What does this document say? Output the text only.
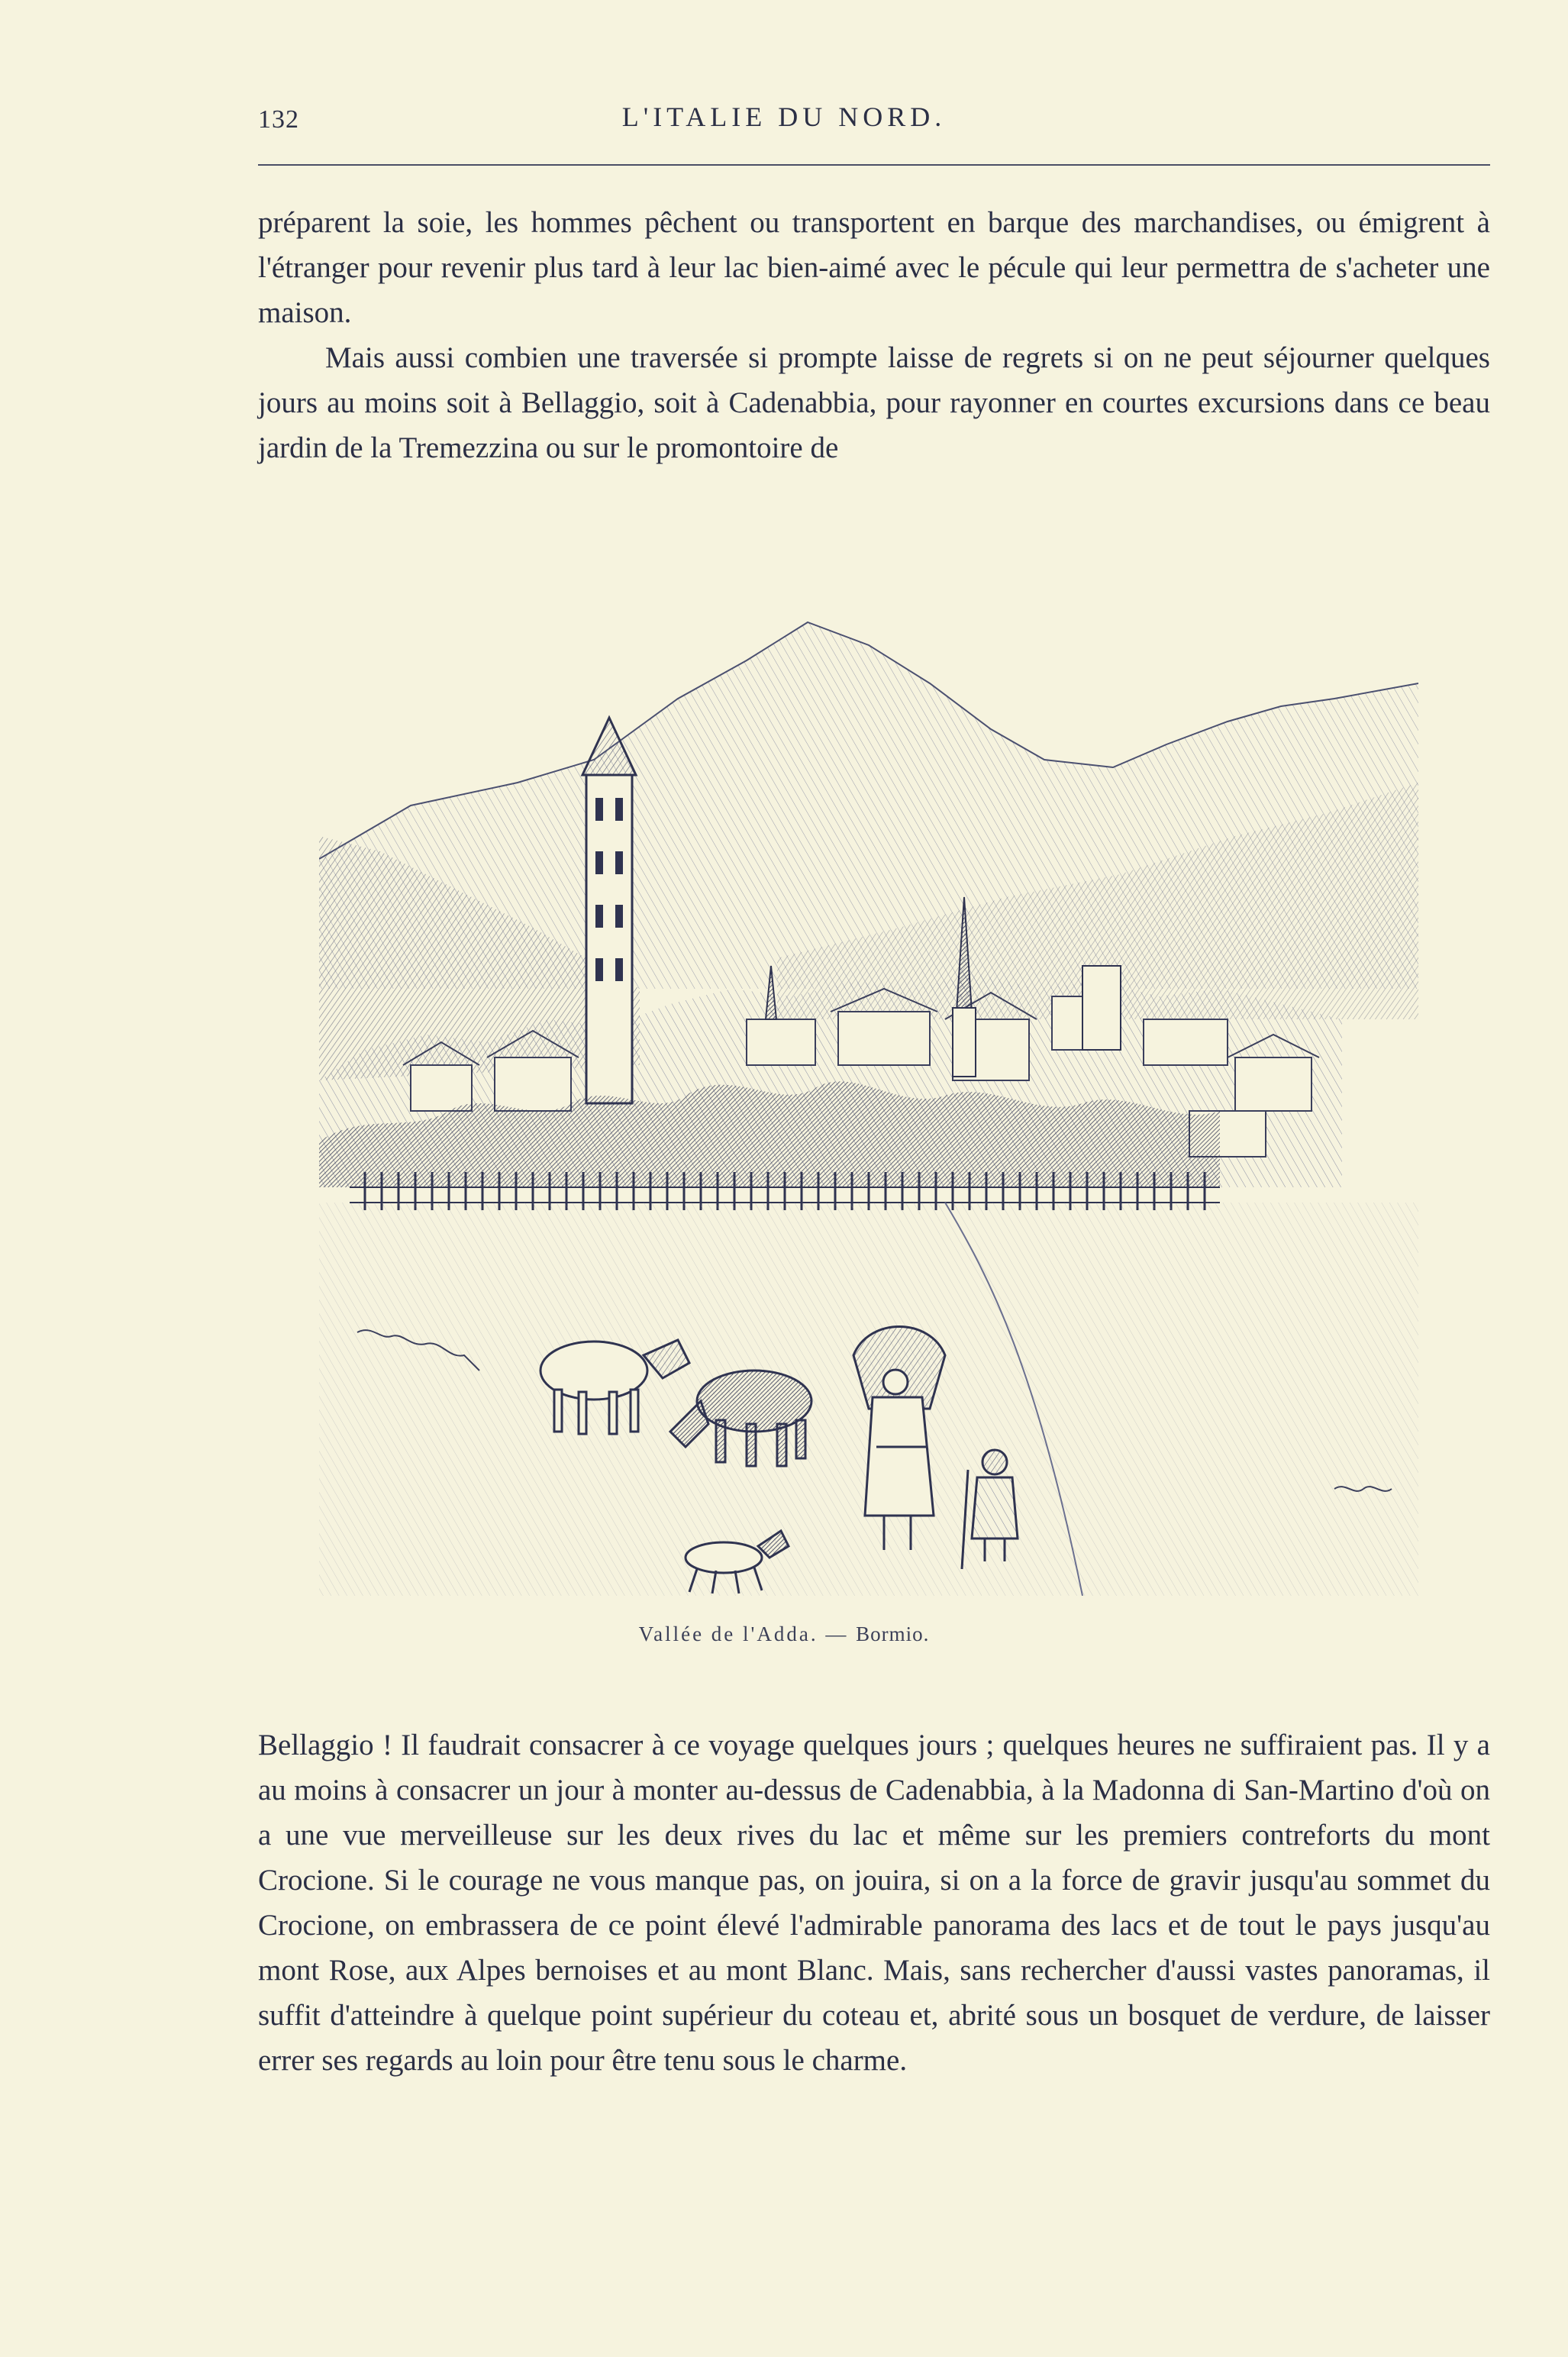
132	L'ITALIE DU NORD.

préparent la soie, les hommes pêchent ou transportent en barque des marchandises, ou émigrent à l'étranger pour revenir plus tard à leur lac bien-aimé avec le pécule qui leur permettra de s'acheter une maison.

Mais aussi combien une traversée si prompte laisse de regrets si on ne peut séjourner quelques jours au moins soit à Bellaggio, soit à Cadenabbia, pour rayonner en courtes excursions dans ce beau jardin de la Tremezzina ou sur le promontoire de

Vallée de l'Adda. — Bormio.

Bellaggio ! Il faudrait consacrer à ce voyage quelques jours ; quelques heures ne suffiraient pas. Il y a au moins à consacrer un jour à monter au-dessus de Cadenabbia, à la Madonna di San-Martino d'où on a une vue merveilleuse sur les deux rives du lac et même sur les premiers contreforts du mont Crocione. Si le courage ne vous manque pas, on jouira, si on a la force de gravir jusqu'au sommet du Crocione, on embrassera de ce point élevé l'admirable panorama des lacs et de tout le pays jusqu'au mont Rose, aux Alpes bernoises et au mont Blanc. Mais, sans rechercher d'aussi vastes panoramas, il suffit d'atteindre à quelque point supérieur du coteau et, abrité sous un bosquet de verdure, de laisser errer ses regards au loin pour être tenu sous le charme.
